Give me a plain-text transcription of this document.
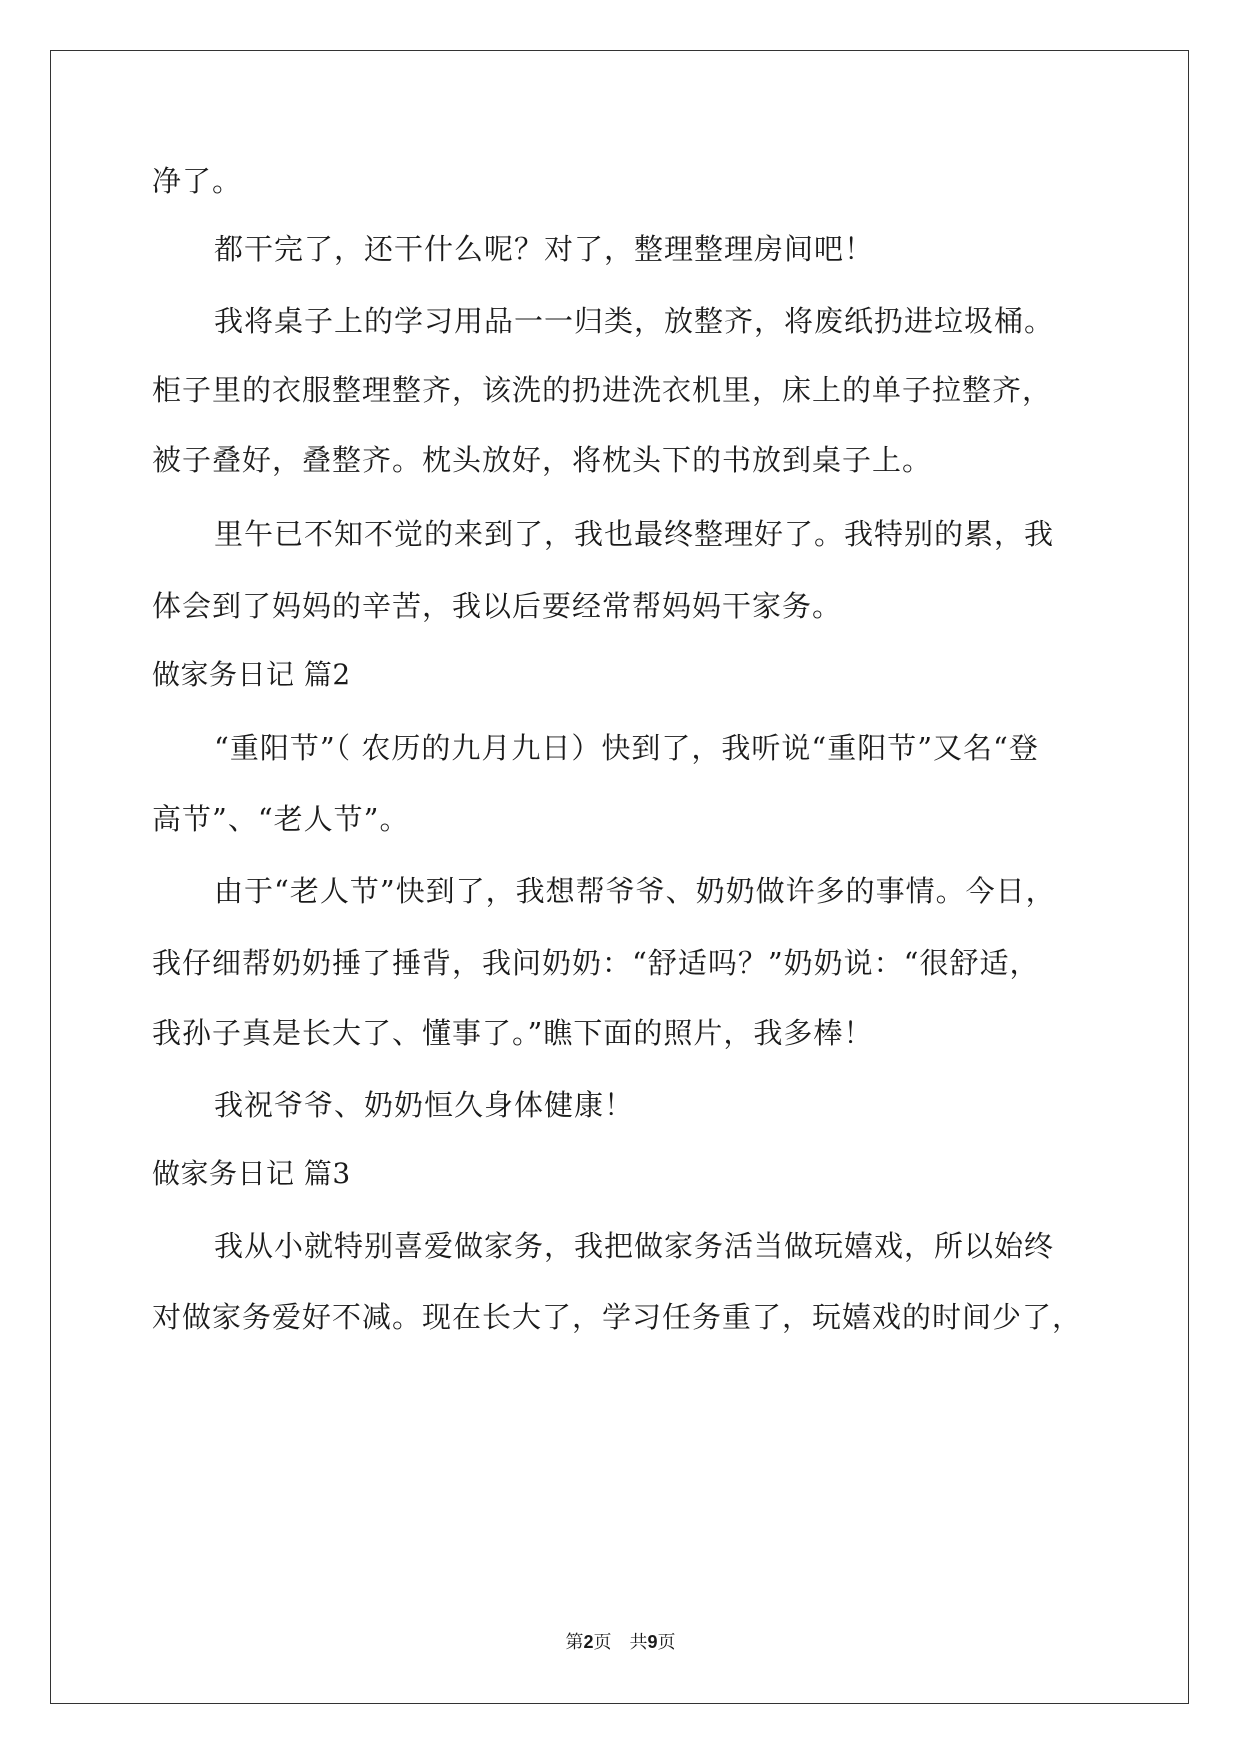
净了。
都干完了，还干什么呢？对了，整理整理房间吧！
我将桌子上的学习用品一一归类，放整齐，将废纸扔进垃圾桶。
柜子里的衣服整理整齐，该洗的扔进洗衣机里，床上的单子拉整齐，
被子叠好，叠整齐。枕头放好，将枕头下的书放到桌子上。
里午已不知不觉的来到了，我也最终整理好了。我特别的累，我
体会到了妈妈的辛苦，我以后要经常帮妈妈干家务。
做家务日记 篇2
“重阳节”（ 农历的九月九日）快到了，我听说“重阳节”又名“登
高节”、“老人节”。
由于“老人节”快到了，我想帮爷爷、奶奶做许多的事情。今日，
我仔细帮奶奶捶了捶背，我问奶奶：“舒适吗？”奶奶说：“很舒适，
我孙子真是长大了、懂事了。”瞧下面的照片，我多棒！
我祝爷爷、奶奶恒久身体健康！
做家务日记 篇3
我从小就特别喜爱做家务，我把做家务活当做玩嬉戏，所以始终
对做家务爱好不减。现在长大了，学习任务重了，玩嬉戏的时间少了，
第2页 共9页
